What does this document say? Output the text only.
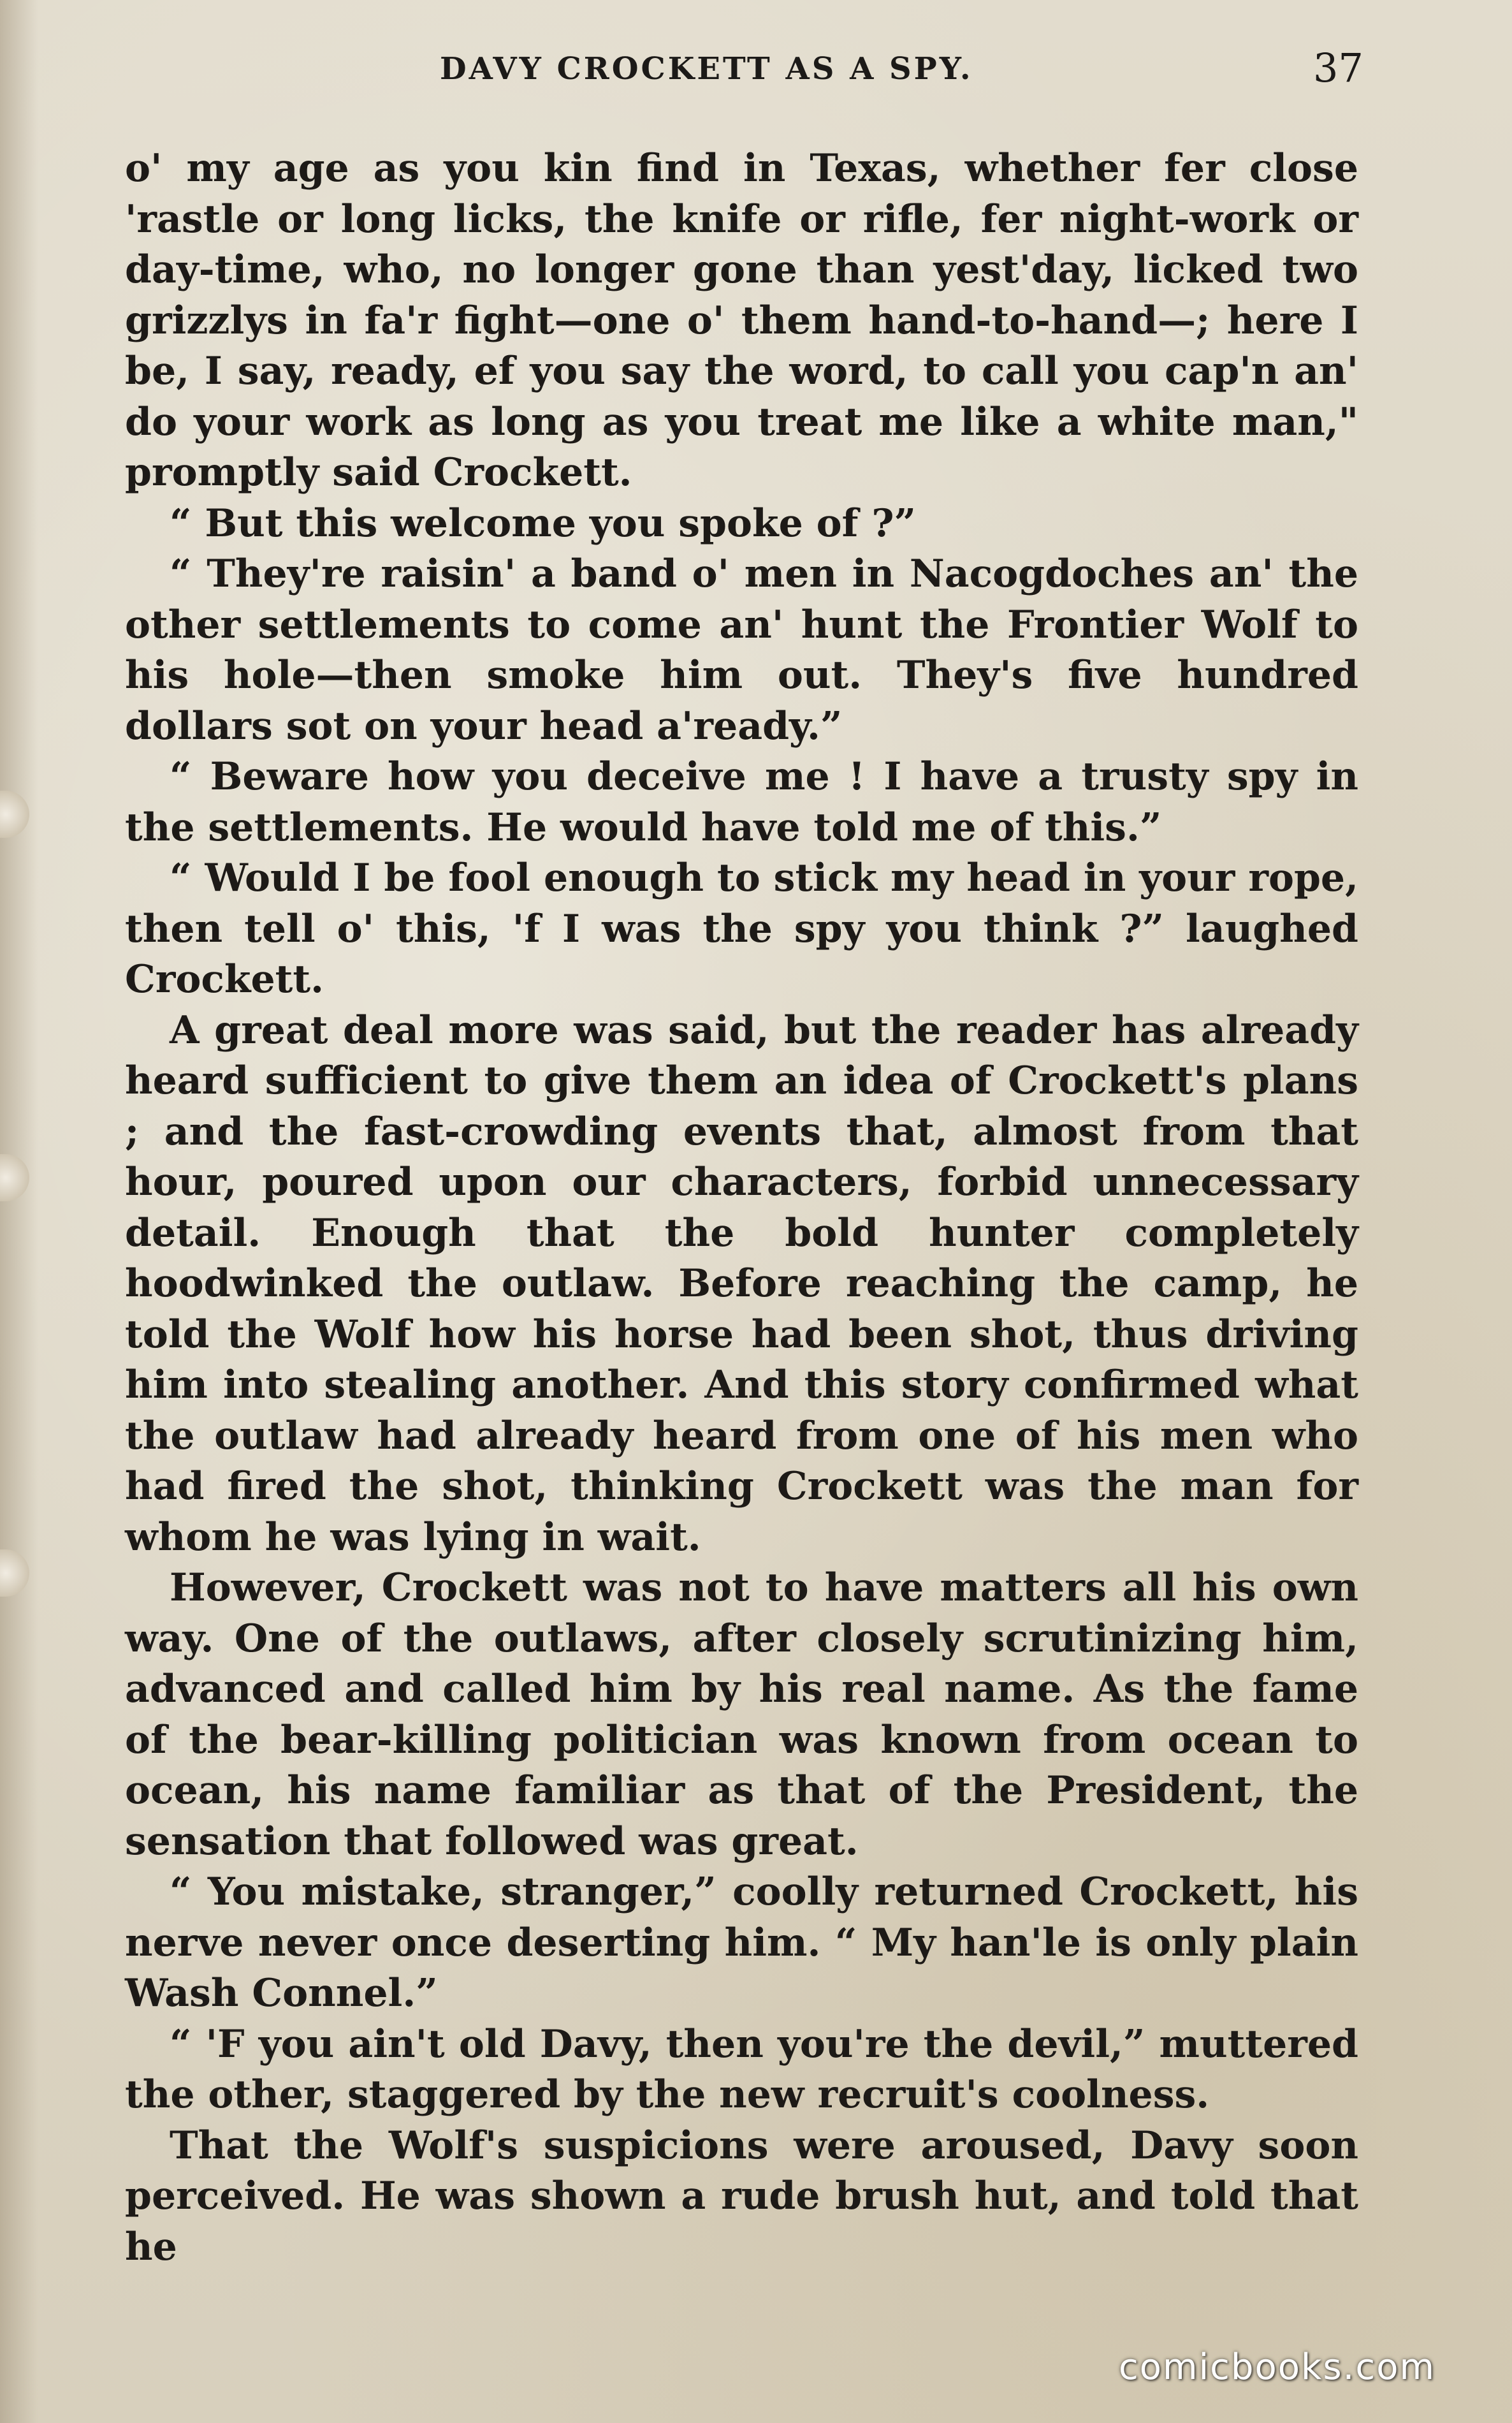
DAVY CROCKETT AS A SPY.	37

o' my age as you kin find in Texas, whether fer close 'rastle or long licks, the knife or rifle, fer night-work or day-time, who, no longer gone than yest'day, licked two grizzlys in fa'r fight—one o' them hand-to-hand—; here I be, I say, ready, ef you say the word, to call you cap'n an' do your work as long as you treat me like a white man," promptly said Crockett.

“ But this welcome you spoke of ?”

“ They're raisin' a band o' men in Nacogdoches an' the other settlements to come an' hunt the Frontier Wolf to his hole—then smoke him out. They's five hundred dollars sot on your head a'ready.”

“ Beware how you deceive me ! I have a trusty spy in the settlements. He would have told me of this.”

“ Would I be fool enough to stick my head in your rope, then tell o' this, 'f I was the spy you think ?” laughed Crockett.

A great deal more was said, but the reader has already heard sufficient to give them an idea of Crockett's plans ; and the fast-crowding events that, almost from that hour, poured upon our characters, forbid unnecessary detail. Enough that the bold hunter completely hoodwinked the outlaw. Before reaching the camp, he told the Wolf how his horse had been shot, thus driving him into stealing another. And this story confirmed what the outlaw had already heard from one of his men who had fired the shot, thinking Crockett was the man for whom he was lying in wait.

However, Crockett was not to have matters all his own way. One of the outlaws, after closely scrutinizing him, advanced and called him by his real name. As the fame of the bear-killing politician was known from ocean to ocean, his name familiar as that of the President, the sensation that followed was great.

“ You mistake, stranger,” coolly returned Crockett, his nerve never once deserting him. “ My han'le is only plain Wash Connel.”

“ 'F you ain't old Davy, then you're the devil,” muttered the other, staggered by the new recruit's coolness.

That the Wolf's suspicions were aroused, Davy soon perceived. He was shown a rude brush hut, and told that he

comicbooks.com
